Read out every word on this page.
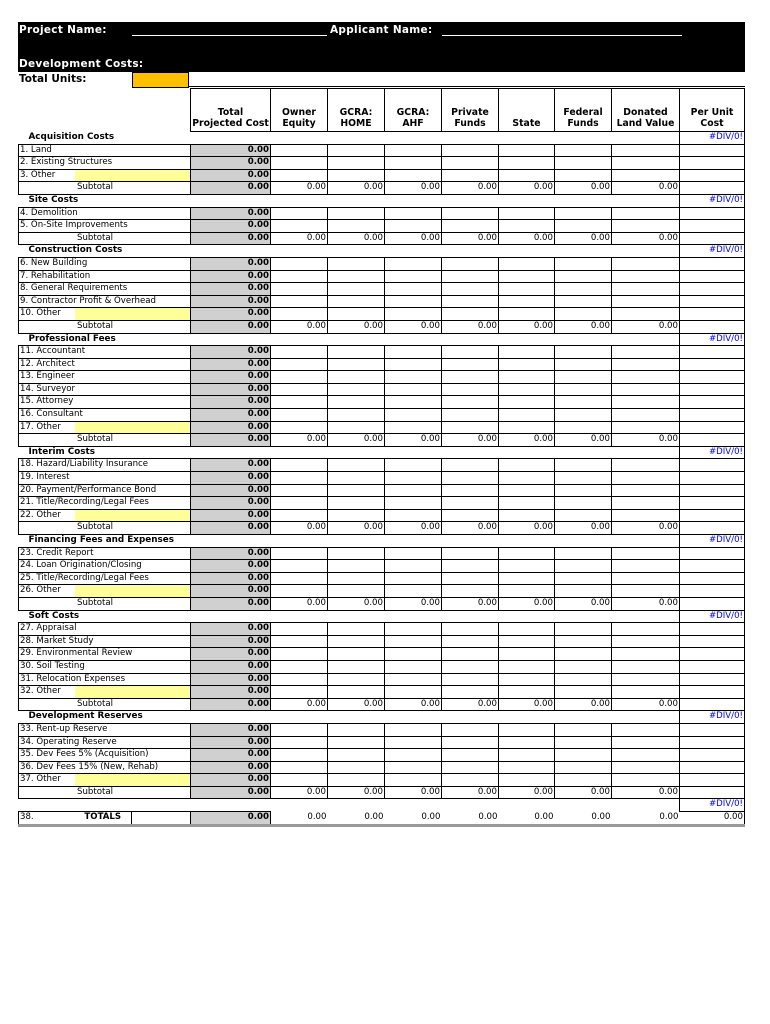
Project Name:	Applicant Name:
Development Costs:
Total Units:
			Total Projected Cost	Owner Equity	GCRA: HOME	GCRA: AHF	Private Funds	State	Federal Funds	Donated Land Value	Per Unit Cost	
Acquisition Costs											#DIV/0!	
1. Land			0.00									
2. Existing Structures			0.00									
3. Other			0.00									
Subtotal			0.00	0.00	0.00	0.00	0.00	0.00	0.00	0.00		
Site Costs											#DIV/0!	
4. Demolition			0.00									
5. On-Site Improvements			0.00									
Subtotal			0.00	0.00	0.00	0.00	0.00	0.00	0.00	0.00		
Construction Costs											#DIV/0!	
6. New Building			0.00									
7. Rehabilitation			0.00									
8. General Requirements			0.00									
9. Contractor Profit & Overhead			0.00									
10. Other			0.00									
Subtotal			0.00	0.00	0.00	0.00	0.00	0.00	0.00	0.00		
Professional Fees											#DIV/0!	
11. Accountant			0.00									
12. Architect			0.00									
13. Engineer			0.00									
14. Surveyor			0.00									
15. Attorney			0.00									
16. Consultant			0.00									
17. Other			0.00									
Subtotal			0.00	0.00	0.00	0.00	0.00	0.00	0.00	0.00		
Interim Costs											#DIV/0!	
18. Hazard/Liability Insurance			0.00									
19. Interest			0.00									
20. Payment/Performance Bond			0.00									
21. Title/Recording/Legal Fees			0.00									
22. Other			0.00									
Subtotal			0.00	0.00	0.00	0.00	0.00	0.00	0.00	0.00		
Financing Fees and Expenses											#DIV/0!	
23. Credit Report			0.00									
24. Loan Origination/Closing			0.00									
25. Title/Recording/Legal Fees			0.00									
26. Other			0.00									
Subtotal			0.00	0.00	0.00	0.00	0.00	0.00	0.00	0.00		
Soft Costs											#DIV/0!	
27. Appraisal			0.00									
28. Market Study			0.00									
29. Environmental Review			0.00									
30. Soil Testing			0.00									
31. Relocation Expenses			0.00									
32. Other			0.00									
Subtotal			0.00	0.00	0.00	0.00	0.00	0.00	0.00	0.00		
Development Reserves											#DIV/0!	
33. Rent-up Reserve			0.00									
34. Operating Reserve			0.00									
35. Dev Fees 5% (Acquisition)			0.00									
36. Dev Fees 15% (New, Rehab)			0.00									
37. Other			0.00									
Subtotal			0.00	0.00	0.00	0.00	0.00	0.00	0.00	0.00		
											#DIV/0!	
38.	TOTALS		0.00	0.00	0.00	0.00	0.00	0.00	0.00	0.00	0.00	
